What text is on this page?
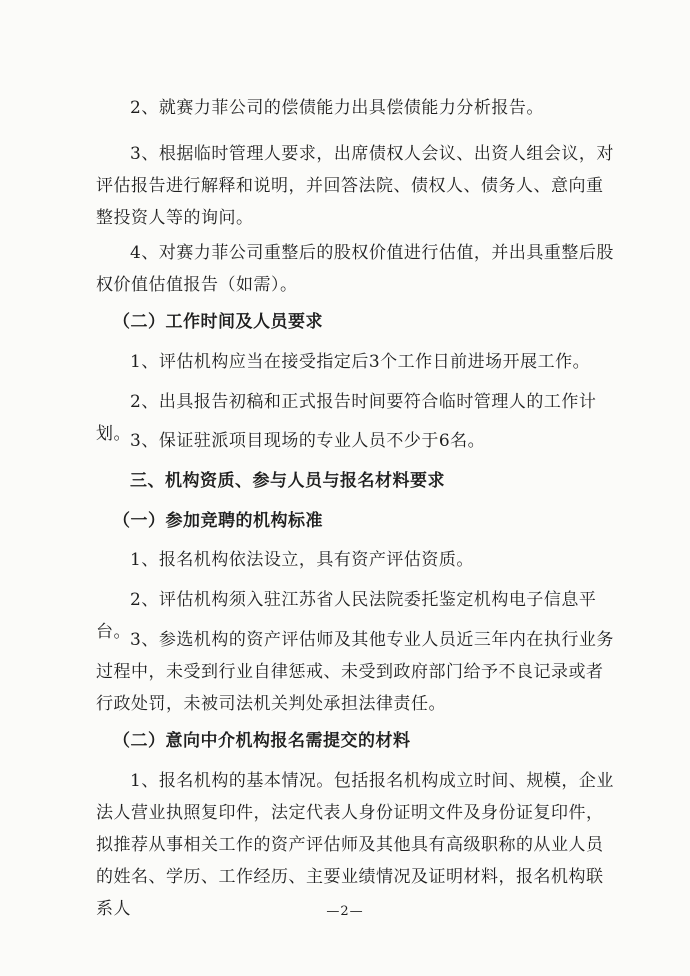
2、就赛力菲公司的偿债能力出具偿债能力分析报告。

3、根据临时管理人要求，出席债权人会议、出资人组会议，对评估报告进行解释和说明，并回答法院、债权人、债务人、意向重整投资人等的询问。

4、对赛力菲公司重整后的股权价值进行估值，并出具重整后股权价值估值报告（如需）。

（二）工作时间及人员要求

1、评估机构应当在接受指定后3个工作日前进场开展工作。

2、出具报告初稿和正式报告时间要符合临时管理人的工作计划。 3、保证驻派项目现场的专业人员不少于6名。

三、机构资质、参与人员与报名材料要求

（一）参加竞聘的机构标准

1、报名机构依法设立，具有资产评估资质。

2、评估机构须入驻江苏省人民法院委托鉴定机构电子信息平台。 3、参选机构的资产评估师及其他专业人员近三年内在执行业务过程中，未受到行业自律惩戒、未受到政府部门给予不良记录或者行政处罚，未被司法机关判处承担法律责任。

（二）意向中介机构报名需提交的材料

1、报名机构的基本情况。包括报名机构成立时间、规模，企业法人营业执照复印件，法定代表人身份证明文件及身份证复印件，拟推荐从事相关工作的资产评估师及其他具有高级职称的从业人员的姓名、学历、工作经历、主要业绩情况及证明材料，报名机构联系人	—2—
